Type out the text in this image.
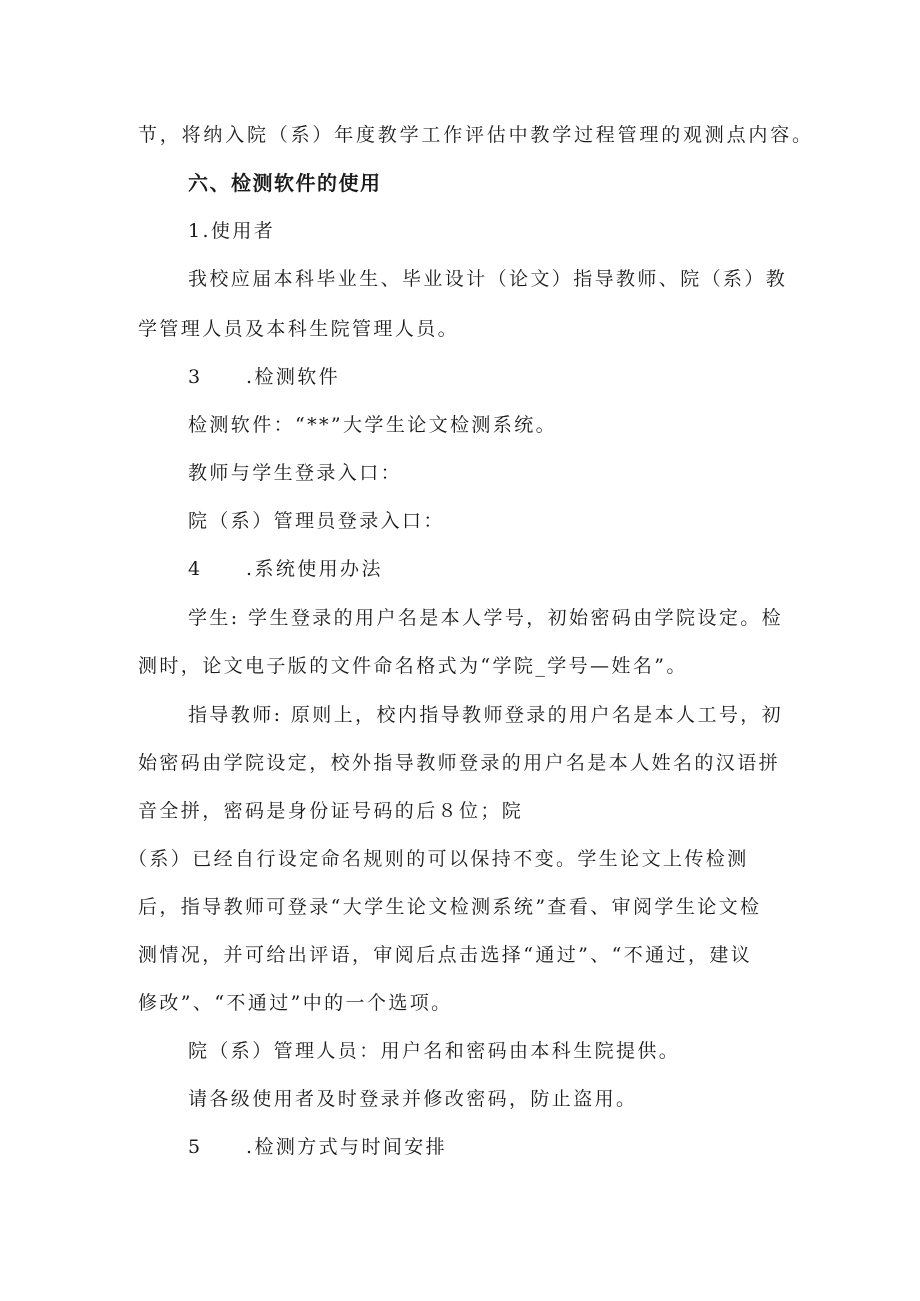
节，将纳入院（系）年度教学工作评估中教学过程管理的观测点内容。
六、检测软件的使用
1.使用者
我校应届本科毕业生、毕业设计（论文）指导教师、院（系）教
学管理人员及本科生院管理人员。
3 .检测软件
检测软件：“**”大学生论文检测系统。
教师与学生登录入口：
院（系）管理员登录入口：
4 .系统使用办法
学生: 学生登录的用户名是本人学号，初始密码由学院设定。检
测时，论文电子版的文件命名格式为“学院_学号—姓名”。
指导教师: 原则上，校内指导教师登录的用户名是本人工号，初
始密码由学院设定，校外指导教师登录的用户名是本人姓名的汉语拼
音全拼，密码是身份证号码的后８位；院
（系）已经自行设定命名规则的可以保持不变。学生论文上传检测
后，指导教师可登录“大学生论文检测系统”查看、审阅学生论文检
测情况，并可给出评语，审阅后点击选择“通过”、“不通过，建议
修改”、“不通过”中的一个选项。
院（系）管理人员：用户名和密码由本科生院提供。
请各级使用者及时登录并修改密码，防止盗用。
5 .检测方式与时间安排
